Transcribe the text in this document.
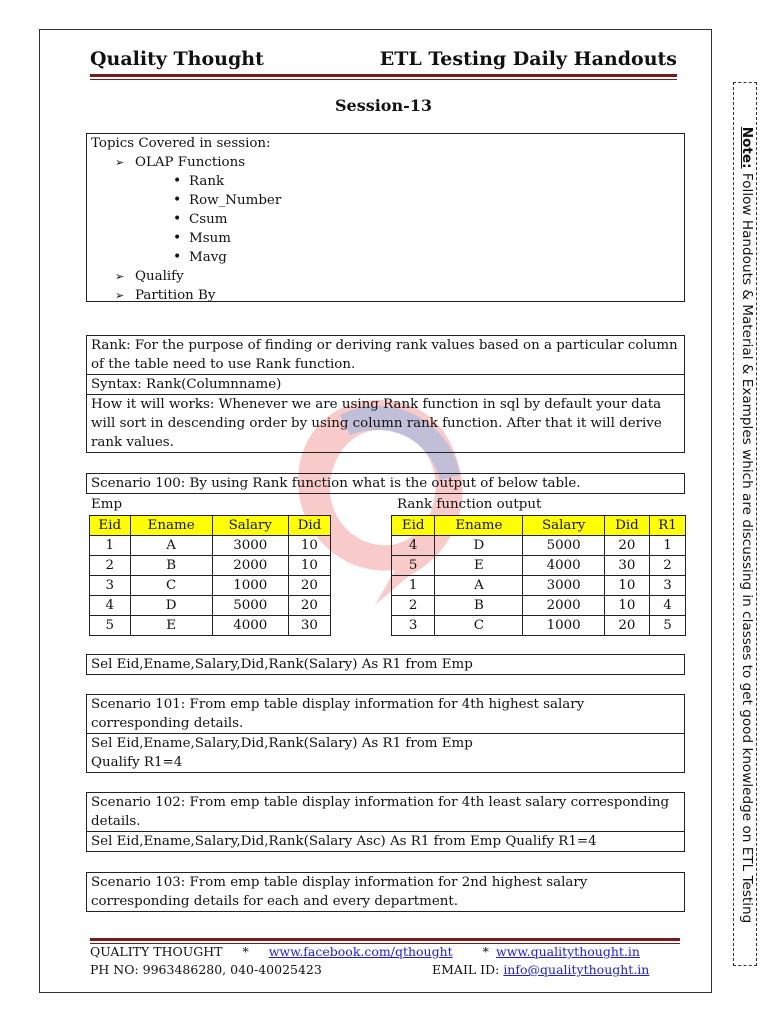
Quality Thought	ETL Testing Daily Handouts
Session-13
Topics Covered in session:
➢ OLAP Functions
• Rank
• Row_Number
• Csum
• Msum
• Mavg
➢ Qualify
➢ Partition By
Rank: For the purpose of finding or deriving rank values based on a particular column of the table need to use Rank function.
Syntax: Rank(Columnname)
How it will works: Whenever we are using Rank function in sql by default your data will sort in descending order by using column rank function. After that it will derive rank values.
Scenario 100: By using Rank function what is the output of below table.
Emp	Rank function output
Eid	Ename	Salary	Did
1	A	3000	10
2	B	2000	10
3	C	1000	20
4	D	5000	20
5	E	4000	30
Eid	Ename	Salary	Did	R1
4	D	5000	20	1
5	E	4000	30	2
1	A	3000	10	3
2	B	2000	10	4
3	C	1000	20	5
Sel Eid,Ename,Salary,Did,Rank(Salary) As R1 from Emp
Scenario 101: From emp table display information for 4th highest salary corresponding details.
Sel Eid,Ename,Salary,Did,Rank(Salary) As R1 from Emp
Qualify R1=4
Scenario 102: From emp table display information for 4th least salary corresponding details.
Sel Eid,Ename,Salary,Did,Rank(Salary Asc) As R1 from Emp Qualify R1=4
Scenario 103: From emp table display information for 2nd highest salary corresponding details for each and every department.
QUALITY THOUGHT * www.facebook.com/qthought * www.qualitythought.in
PH NO: 9963486280, 040-40025423	EMAIL ID: info@qualitythought.in
Note: Follow Handouts & Material & Examples which are discussing in classes to get good knowledge on ETL Testing
